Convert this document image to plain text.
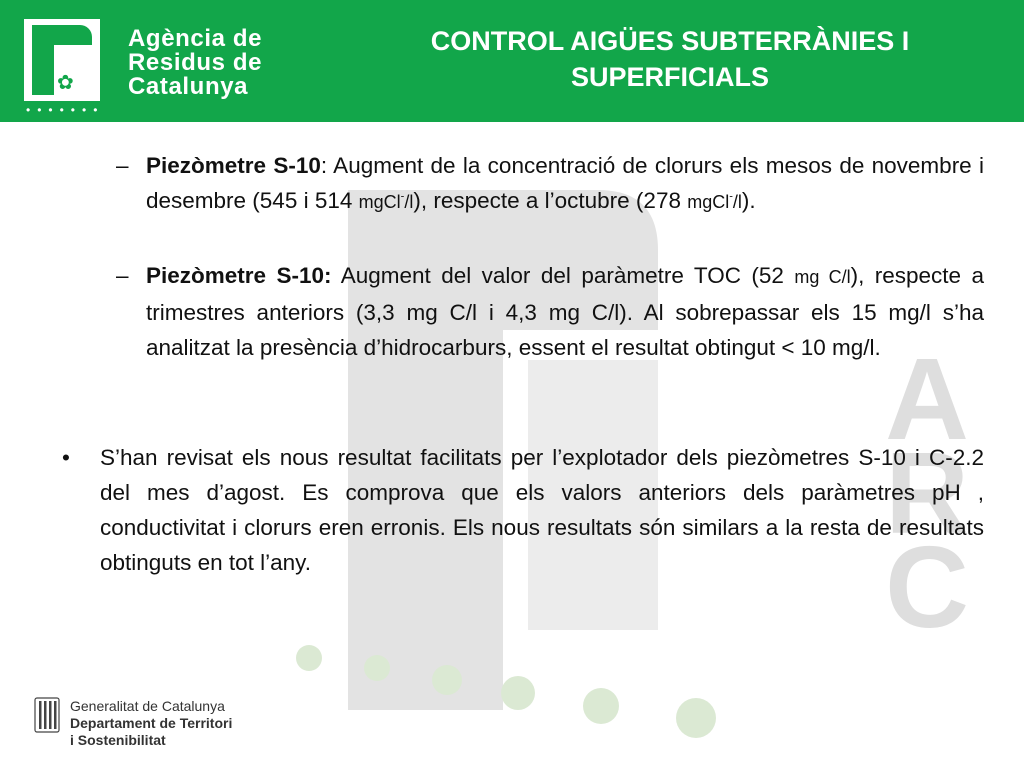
✿
•••••••
Agència de
Residus de
Catalunya
CONTROL AIGÜES SUBTERRÀNIES I SUPERFICIALS
A
R
C
– Piezòmetre S-10: Augment de la concentració de clorurs els mesos de novembre i desembre (545 i 514 mgCl-/l), respecte a l’octubre (278 mgCl-/l).
– Piezòmetre S-10: Augment del valor del paràmetre TOC (52 mg C/l), respecte a trimestres anteriors (3,3 mg C/l i 4,3 mg C/l). Al sobrepassar els 15 mg/l s’ha analitzat la presència d’hidrocarburs, essent el resultat obtingut < 10 mg/l.
• S’han revisat els nous resultat facilitats per l’explotador dels piezòmetres S-10 i C-2.2 del mes d’agost. Es comprova que els valors anteriors dels paràmetres pH , conductivitat i clorurs eren erronis. Els nous resultats són similars a la resta de resultats obtinguts en tot l’any.
Generalitat de Catalunya
Departament de Territori
i Sostenibilitat
